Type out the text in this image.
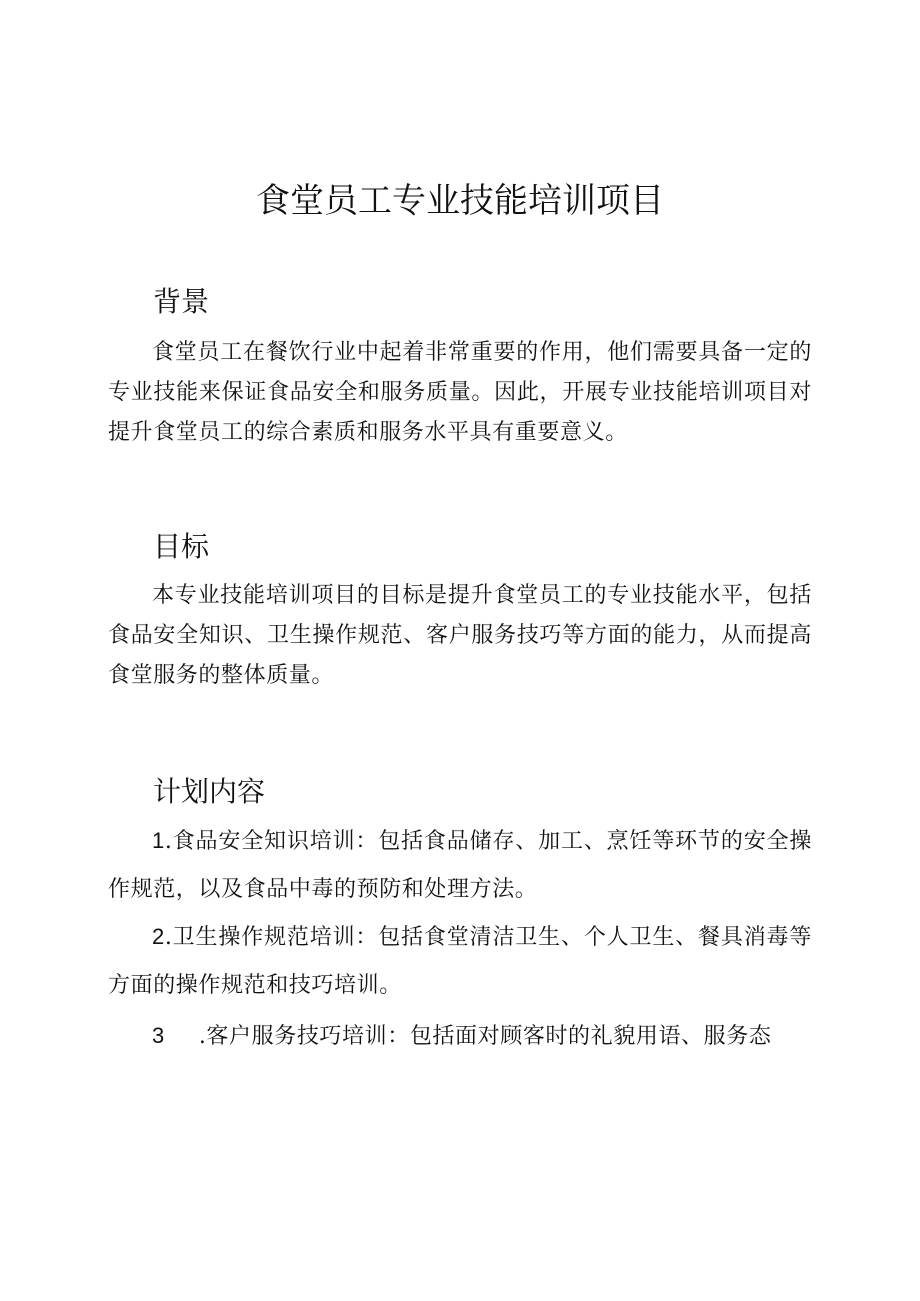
食堂员工专业技能培训项目
背景

食堂员工在餐饮行业中起着非常重要的作用，他们需要具备一定的专业技能来保证食品安全和服务质量。因此，开展专业技能培训项目对提升食堂员工的综合素质和服务水平具有重要意义。

目标

本专业技能培训项目的目标是提升食堂员工的专业技能水平，包括食品安全知识、卫生操作规范、客户服务技巧等方面的能力，从而提高食堂服务的整体质量。

计划内容

1.食品安全知识培训：包括食品储存、加工、烹饪等环节的安全操作规范，以及食品中毒的预防和处理方法。

2.卫生操作规范培训：包括食堂清洁卫生、个人卫生、餐具消毒等方面的操作规范和技巧培训。

3 .客户服务技巧培训：包括面对顾客时的礼貌用语、服务态
